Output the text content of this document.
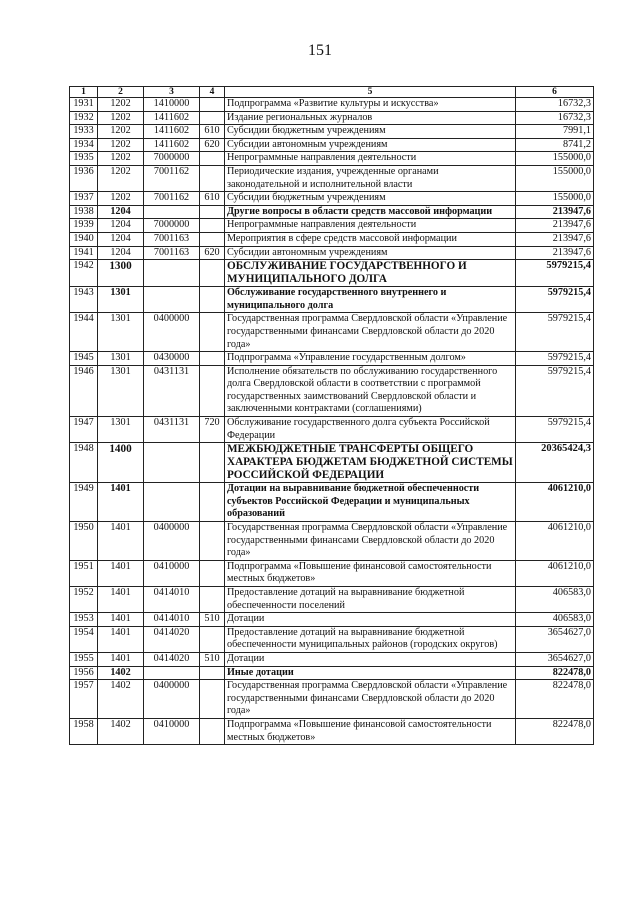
151
1	2	3	4	5	6
1931	1202	1410000		Подпрограмма «Развитие культуры и искусства»	16732,3
1932	1202	1411602		Издание региональных журналов	16732,3
1933	1202	1411602	610	Субсидии бюджетным учреждениям	7991,1
1934	1202	1411602	620	Субсидии автономным учреждениям	8741,2
1935	1202	7000000		Непрограммные направления деятельности	155000,0
1936	1202	7001162		Периодические издания, учрежденные органами законодательной и исполнительной власти	155000,0
1937	1202	7001162	610	Субсидии бюджетным учреждениям	155000,0
1938	1204			Другие вопросы в области средств массовой информации	213947,6
1939	1204	7000000		Непрограммные направления деятельности	213947,6
1940	1204	7001163		Мероприятия в сфере средств массовой информации	213947,6
1941	1204	7001163	620	Субсидии автономным учреждениям	213947,6
1942	1300			ОБСЛУЖИВАНИЕ ГОСУДАРСТВЕННОГО И МУНИЦИПАЛЬНОГО ДОЛГА	5979215,4
1943	1301			Обслуживание государственного внутреннего и муниципального долга	5979215,4
1944	1301	0400000		Государственная программа Свердловской области «Управление государственными финансами Свердловской области до 2020 года»	5979215,4
1945	1301	0430000		Подпрограмма «Управление государственным долгом»	5979215,4
1946	1301	0431131		Исполнение обязательств по обслуживанию государственного долга Свердловской области в соответствии с программой государственных заимствований Свердловской области и заключенными контрактами (соглашениями)	5979215,4
1947	1301	0431131	720	Обслуживание государственного долга субъекта Российской Федерации	5979215,4
1948	1400			МЕЖБЮДЖЕТНЫЕ ТРАНСФЕРТЫ ОБЩЕГО ХАРАКТЕРА БЮДЖЕТАМ БЮДЖЕТНОЙ СИСТЕМЫ РОССИЙСКОЙ ФЕДЕРАЦИИ	20365424,3
1949	1401			Дотации на выравнивание бюджетной обеспеченности субъектов Российской Федерации и муниципальных образований	4061210,0
1950	1401	0400000		Государственная программа Свердловской области «Управление государственными финансами Свердловской области до 2020 года»	4061210,0
1951	1401	0410000		Подпрограмма «Повышение финансовой самостоятельности местных бюджетов»	4061210,0
1952	1401	0414010		Предоставление дотаций на выравнивание бюджетной обеспеченности поселений	406583,0
1953	1401	0414010	510	Дотации	406583,0
1954	1401	0414020		Предоставление дотаций на выравнивание бюджетной обеспеченности муниципальных районов (городских округов)	3654627,0
1955	1401	0414020	510	Дотации	3654627,0
1956	1402			Иные дотации	822478,0
1957	1402	0400000		Государственная программа Свердловской области «Управление государственными финансами Свердловской области до 2020 года»	822478,0
1958	1402	0410000		Подпрограмма «Повышение финансовой самостоятельности местных бюджетов»	822478,0
